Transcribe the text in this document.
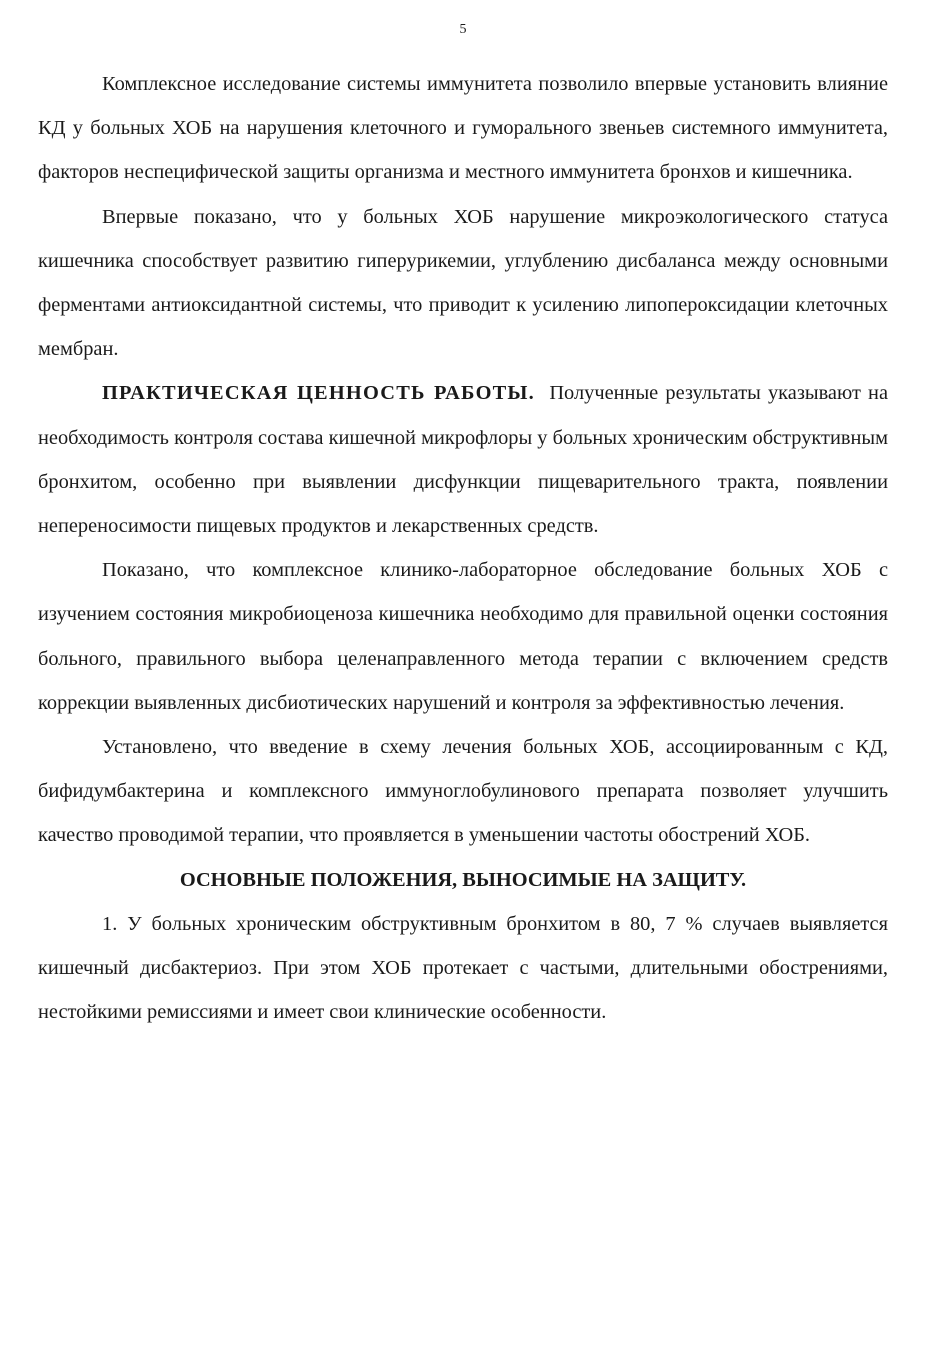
5

Комплексное исследование системы иммунитета позволило впервые установить влияние КД у больных ХОБ на нарушения клеточного и гуморального звеньев системного иммунитета, факторов неспецифической защиты организма и местного иммунитета бронхов и кишечника.

Впервые показано, что у больных ХОБ нарушение микроэкологического статуса кишечника способствует развитию гиперурикемии, углублению дисбаланса между основными ферментами антиоксидантной системы, что приводит к усилению липопероксидации клеточных мембран.

ПРАКТИЧЕСКАЯ ЦЕННОСТЬ РАБОТЫ. Полученные результаты указывают на необходимость контроля состава кишечной микрофлоры у больных хроническим обструктивным бронхитом, особенно при выявлении дисфункции пищеварительного тракта, появлении непереносимости пищевых продуктов и лекарственных средств.

Показано, что комплексное клинико-лабораторное обследование больных ХОБ с изучением состояния микробиоценоза кишечника необходимо для правильной оценки состояния больного, правильного выбора целенаправленного метода терапии с включением средств коррекции выявленных дисбиотических нарушений и контроля за эффективностью лечения.

Установлено, что введение в схему лечения больных ХОБ, ассоциированным с КД, бифидумбактерина и комплексного иммуноглобулинового препарата позволяет улучшить качество проводимой терапии, что проявляется в уменьшении частоты обострений ХОБ.

ОСНОВНЫЕ ПОЛОЖЕНИЯ, ВЫНОСИМЫЕ НА ЗАЩИТУ.

1. У больных хроническим обструктивным бронхитом в 80, 7 % случаев выявляется кишечный дисбактериоз. При этом ХОБ протекает с частыми, длительными обострениями, нестойкими ремиссиями и имеет свои клинические особенности.
